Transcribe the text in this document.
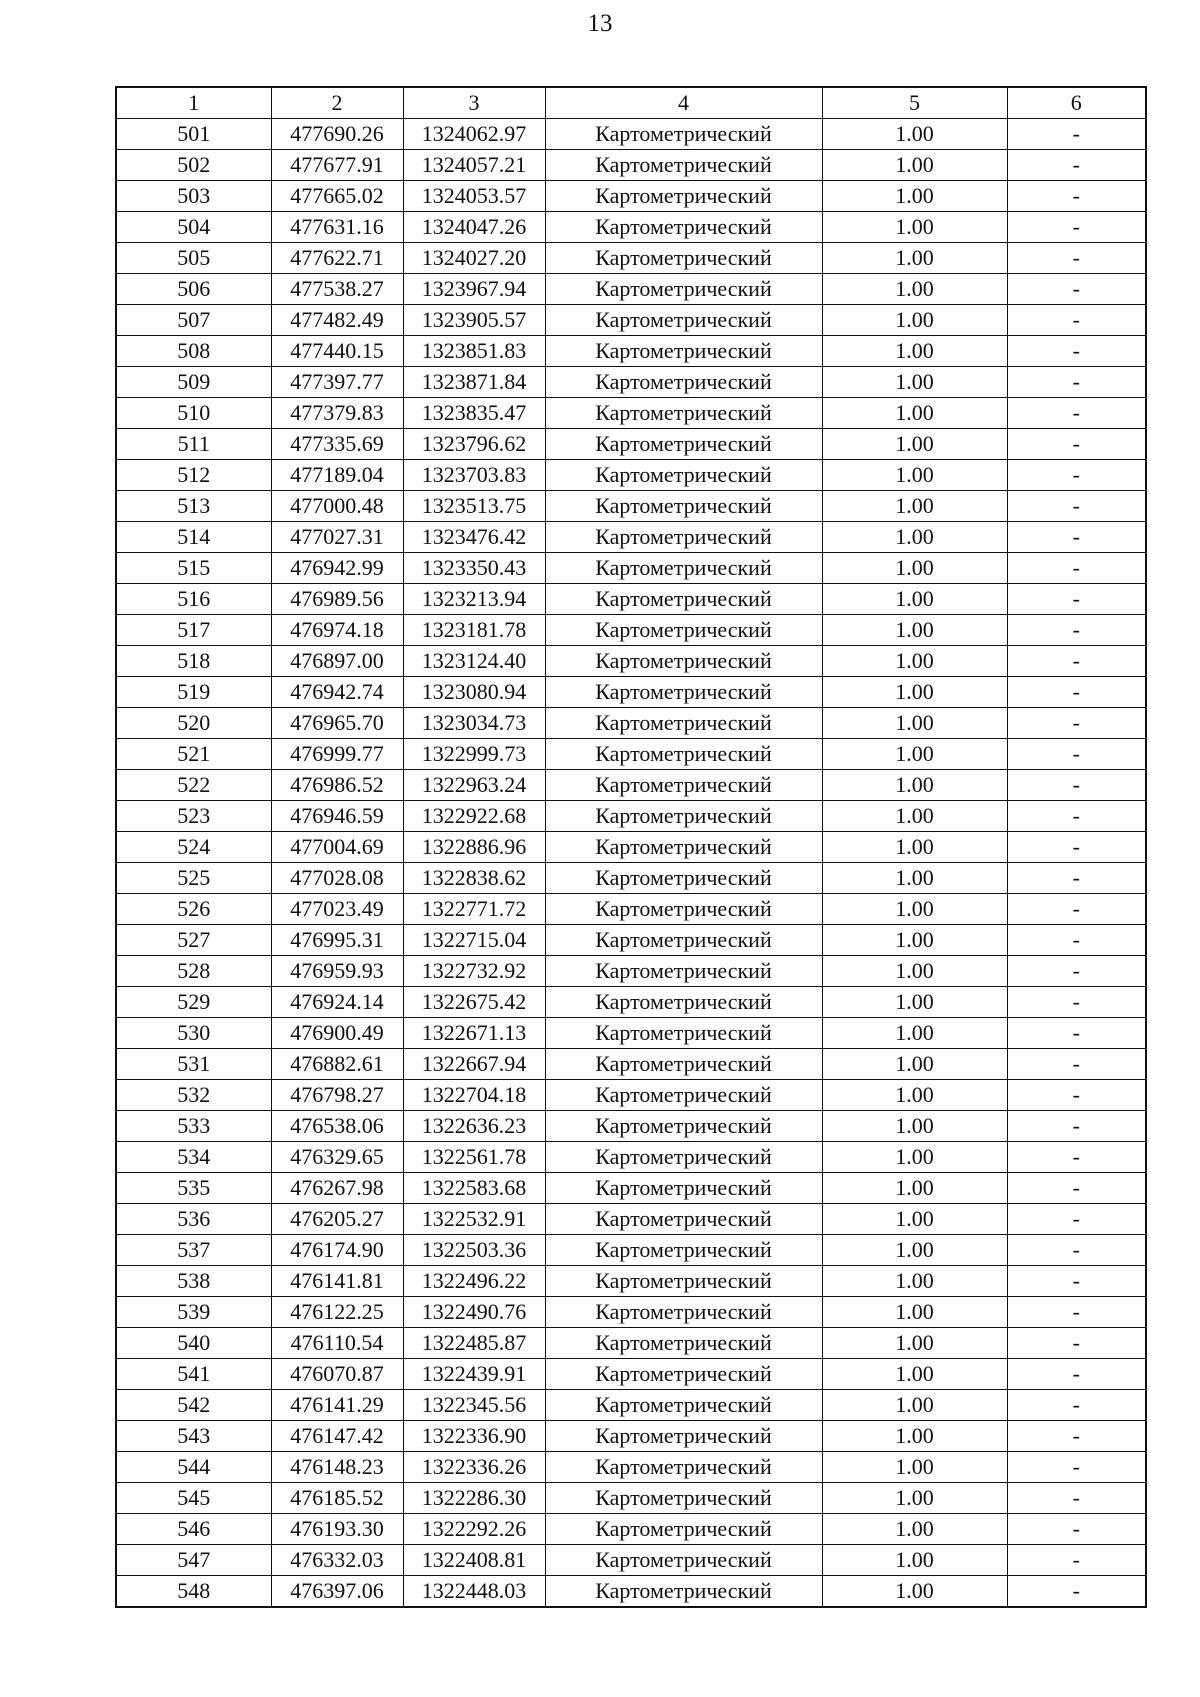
13
1	2	3	4	5	6
501	477690.26	1324062.97	Картометрический	1.00	-
502	477677.91	1324057.21	Картометрический	1.00	-
503	477665.02	1324053.57	Картометрический	1.00	-
504	477631.16	1324047.26	Картометрический	1.00	-
505	477622.71	1324027.20	Картометрический	1.00	-
506	477538.27	1323967.94	Картометрический	1.00	-
507	477482.49	1323905.57	Картометрический	1.00	-
508	477440.15	1323851.83	Картометрический	1.00	-
509	477397.77	1323871.84	Картометрический	1.00	-
510	477379.83	1323835.47	Картометрический	1.00	-
511	477335.69	1323796.62	Картометрический	1.00	-
512	477189.04	1323703.83	Картометрический	1.00	-
513	477000.48	1323513.75	Картометрический	1.00	-
514	477027.31	1323476.42	Картометрический	1.00	-
515	476942.99	1323350.43	Картометрический	1.00	-
516	476989.56	1323213.94	Картометрический	1.00	-
517	476974.18	1323181.78	Картометрический	1.00	-
518	476897.00	1323124.40	Картометрический	1.00	-
519	476942.74	1323080.94	Картометрический	1.00	-
520	476965.70	1323034.73	Картометрический	1.00	-
521	476999.77	1322999.73	Картометрический	1.00	-
522	476986.52	1322963.24	Картометрический	1.00	-
523	476946.59	1322922.68	Картометрический	1.00	-
524	477004.69	1322886.96	Картометрический	1.00	-
525	477028.08	1322838.62	Картометрический	1.00	-
526	477023.49	1322771.72	Картометрический	1.00	-
527	476995.31	1322715.04	Картометрический	1.00	-
528	476959.93	1322732.92	Картометрический	1.00	-
529	476924.14	1322675.42	Картометрический	1.00	-
530	476900.49	1322671.13	Картометрический	1.00	-
531	476882.61	1322667.94	Картометрический	1.00	-
532	476798.27	1322704.18	Картометрический	1.00	-
533	476538.06	1322636.23	Картометрический	1.00	-
534	476329.65	1322561.78	Картометрический	1.00	-
535	476267.98	1322583.68	Картометрический	1.00	-
536	476205.27	1322532.91	Картометрический	1.00	-
537	476174.90	1322503.36	Картометрический	1.00	-
538	476141.81	1322496.22	Картометрический	1.00	-
539	476122.25	1322490.76	Картометрический	1.00	-
540	476110.54	1322485.87	Картометрический	1.00	-
541	476070.87	1322439.91	Картометрический	1.00	-
542	476141.29	1322345.56	Картометрический	1.00	-
543	476147.42	1322336.90	Картометрический	1.00	-
544	476148.23	1322336.26	Картометрический	1.00	-
545	476185.52	1322286.30	Картометрический	1.00	-
546	476193.30	1322292.26	Картометрический	1.00	-
547	476332.03	1322408.81	Картометрический	1.00	-
548	476397.06	1322448.03	Картометрический	1.00	-
